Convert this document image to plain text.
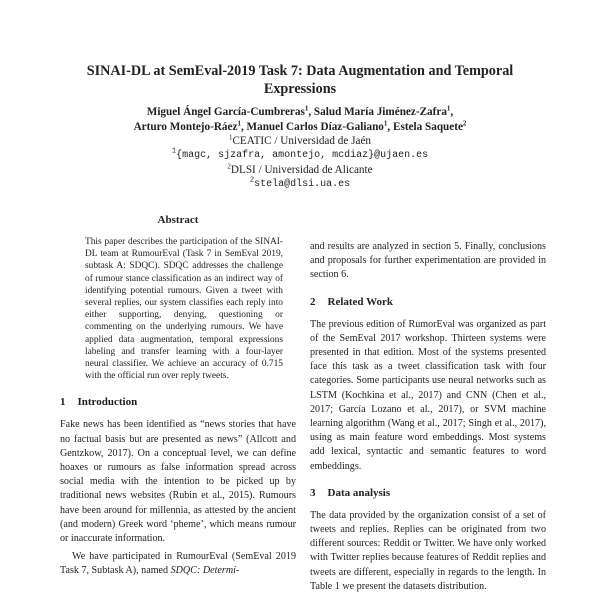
SINAI-DL at SemEval-2019 Task 7: Data Augmentation and Temporal Expressions
Miguel Ángel García-Cumbreras$^1$, Salud María Jiménez-Zafra$^1$,
Arturo Montejo-Ráez$^1$, Manuel Carlos Díaz-Galiano$^1$, Estela Saquete$^2$
$^1$CEATIC / Universidad de Jaén
$^1${magc, sjzafra, amontejo, mcdiaz}@ujaen.es
$^2$DLSI / Universidad de Alicante
$^2$stela@dlsi.ua.es
Abstract

This paper describes the participation of the SINAI-DL team at RumourEval (Task 7 in SemEval 2019, subtask A: SDQC). SDQC addresses the challenge of rumour stance classification as an indirect way of identifying potential rumours. Given a tweet with several replies, our system classifies each reply into either supporting, denying, questioning or commenting on the underlying rumours. We have applied data augmentation, temporal expressions labeling and transfer learning with a four-layer neural classifier. We achieve an accuracy of 0.715 with the official run over reply tweets.

1 Introduction

Fake news has been identified as “news stories that have no factual basis but are presented as news” (Allcott and Gentzkow, 2017). On a conceptual level, we can define hoaxes or rumours as false information spread across social media with the intention to be picked up by traditional news websites (Rubin et al., 2015). Rumours have been around for millennia, as attested by the ancient (and modern) Greek word ‘pheme’, which means rumour or inaccurate information.

We have participated in RumourEval (SemEval 2019 Task 7, Subtask A), named SDQC: Determi-

and results are analyzed in section 5. Finally, conclusions and proposals for further experimentation are provided in section 6.

2 Related Work

The previous edition of RumorEval was organized as part of the SemEval 2017 workshop. Thirteen systems were presented in that edition. Most of the systems presented face this task as a tweet classification task with four categories. Some participants use neural networks such as LSTM (Kochkina et al., 2017) and CNN (Chen et al., 2017; García Lozano et al., 2017), or SVM machine learning algorithm (Wang et al., 2017; Singh et al., 2017), using as main feature word embeddings. Most systems add lexical, syntactic and semantic features to word embeddings.

3 Data analysis

The data provided by the organization consist of a set of tweets and replies. Replies can be originated from two different sources: Reddit or Twitter. We have only worked with Twitter replies because features of Reddit replies and tweets are different, especially in regards to the length. In Table 1 we present the datasets distribution.
